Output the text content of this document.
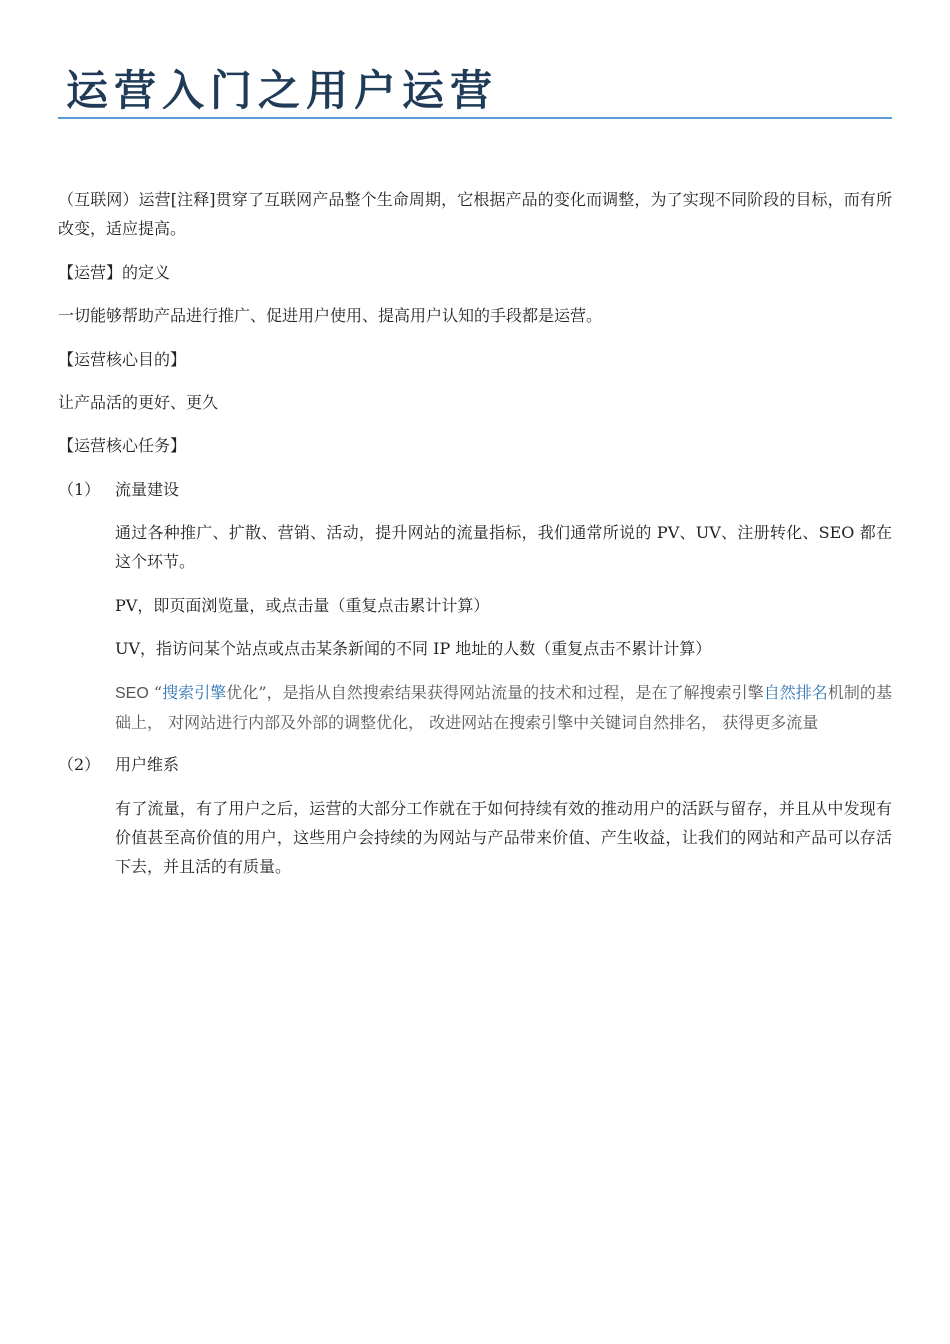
运营入门之用户运营

（互联网）运营[注释]贯穿了互联网产品整个生命周期，它根据产品的变化而调整，为了实现不同阶段的目标，而有所改变，适应提高。

【运营】的定义

一切能够帮助产品进行推广、促进用户使用、提高用户认知的手段都是运营。

【运营核心目的】

让产品活的更好、更久

【运营核心任务】

（1） 流量建设

通过各种推广、扩散、营销、活动，提升网站的流量指标，我们通常所说的 PV、UV、注册转化、SEO 都在这个环节。

PV，即页面浏览量，或点击量（重复点击累计计算）

UV，指访问某个站点或点击某条新闻的不同 IP 地址的人数（重复点击不累计计算）

SEO “搜索引擎优化”，是指从自然搜索结果获得网站流量的技术和过程，是在了解搜索引擎自然排名机制的基础上， 对网站进行内部及外部的调整优化， 改进网站在搜索引擎中关键词自然排名， 获得更多流量

（2） 用户维系

有了流量，有了用户之后，运营的大部分工作就在于如何持续有效的推动用户的活跃与留存，并且从中发现有价值甚至高价值的用户，这些用户会持续的为网站与产品带来价值、产生收益，让我们的网站和产品可以存活下去，并且活的有质量。
